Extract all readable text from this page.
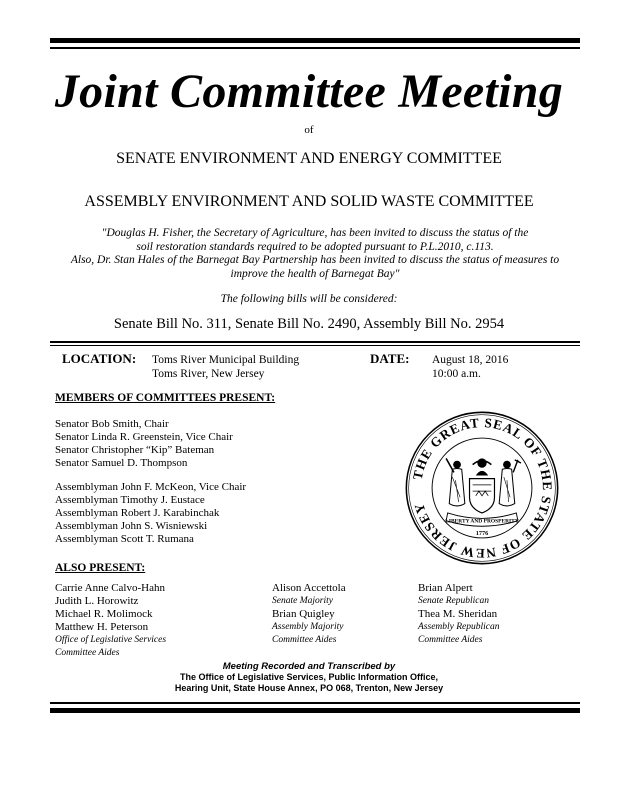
Joint Committee Meeting
of
SENATE ENVIRONMENT AND ENERGY COMMITTEE
ASSEMBLY ENVIRONMENT AND SOLID WASTE COMMITTEE
"Douglas H. Fisher, the Secretary of Agriculture, has been invited to discuss the status of the
soil restoration standards required to be adopted pursuant to P.L.2010, c.113.
Also, Dr. Stan Hales of the Barnegat Bay Partnership has been invited to discuss the status of measures to
improve the health of Barnegat Bay"
The following bills will be considered:
Senate Bill No. 311, Senate Bill No. 2490, Assembly Bill No. 2954
LOCATION: Toms River Municipal Building
Toms River, New Jersey
DATE: August 18, 2016
10:00 a.m.
MEMBERS OF COMMITTEES PRESENT:
Senator Bob Smith, Chair
Senator Linda R. Greenstein, Vice Chair
Senator Christopher “Kip” Bateman
Senator Samuel D. Thompson
Assemblyman John F. McKeon, Vice Chair
Assemblyman Timothy J. Eustace
Assemblyman Robert J. Karabinchak
Assemblyman John S. Wisniewski
Assemblyman Scott T. Rumana
THE GREAT SEAL OF THE STATE OF NEW JERSEY
LIBERTY AND PROSPERITY
1776
ALSO PRESENT:
Carrie Anne Calvo-Hahn
Judith L. Horowitz
Michael R. Molimock
Matthew H. Peterson
Office of Legislative Services
Committee Aides
Alison Accettola
Senate Majority
Brian Quigley
Assembly Majority
Committee Aides
Brian Alpert
Senate Republican
Thea M. Sheridan
Assembly Republican
Committee Aides
Meeting Recorded and Transcribed by
The Office of Legislative Services, Public Information Office,
Hearing Unit, State House Annex, PO 068, Trenton, New Jersey
